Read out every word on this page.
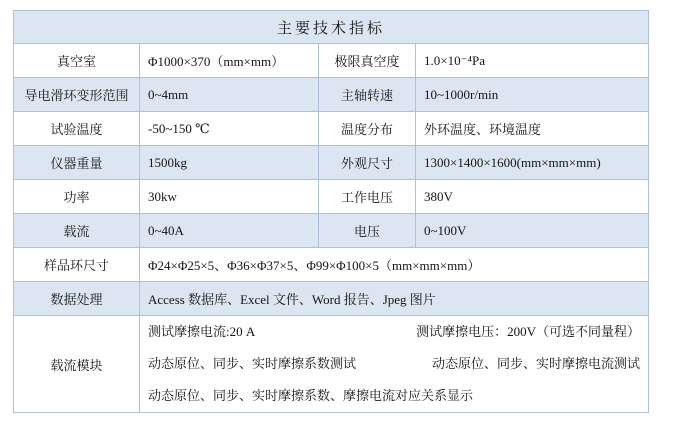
主要技术指标			
真空室	Φ1000×370（mm×mm）	极限真空度	1.0×10⁻⁴Pa
导电滑环变形范围	0~4mm	主轴转速	10~1000r/min
试验温度	-50~150 ℃	温度分布	外环温度、环境温度
仪器重量	1500kg	外观尺寸	1300×1400×1600(mm×mm×mm)
功率	30kw	工作电压	380V
载流	0~40A	电压	0~100V
样品环尺寸	Φ24×Φ25×5、Φ36×Φ37×5、Φ99×Φ100×5（mm×mm×mm）		
数据处理	Access 数据库、Excel 文件、Word 报告、Jpeg 图片		
载流模块	测试摩擦电流:20 A 测试摩擦电压：200V（可选不同量程）
动态原位、同步、实时摩擦系数测试 动态原位、同步、实时摩擦电流测试
动态原位、同步、实时摩擦系数、摩擦电流对应关系显示		
